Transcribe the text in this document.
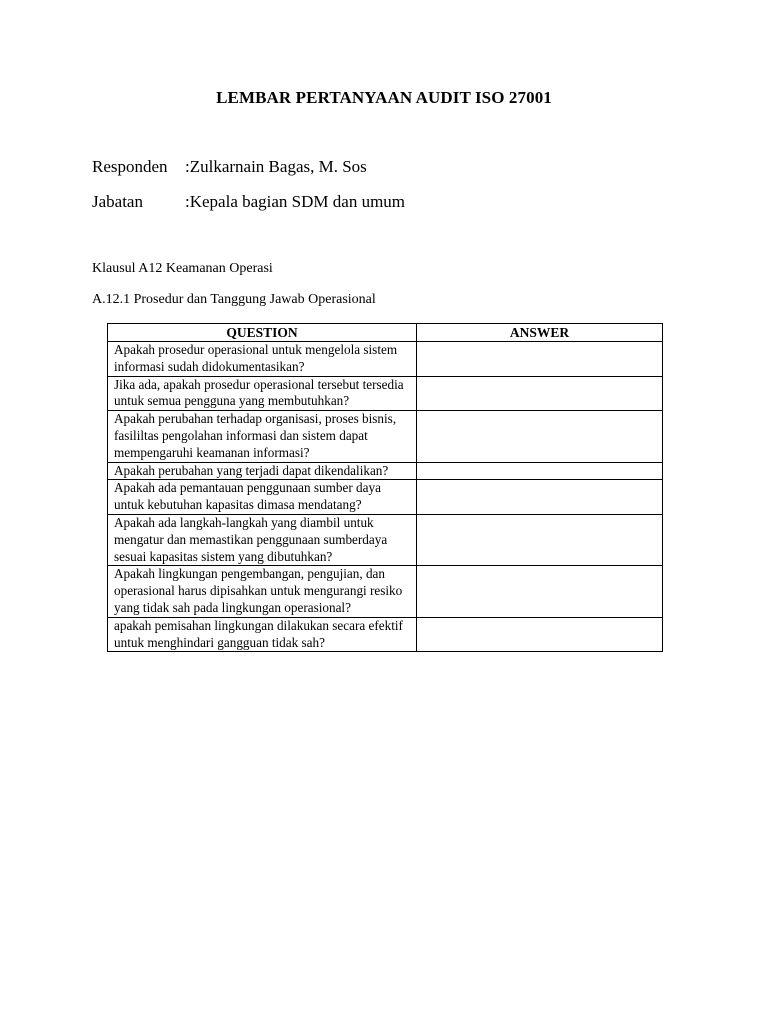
LEMBAR PERTANYAAN AUDIT ISO 27001
Responden :Zulkarnain Bagas, M. Sos
Jabatan :Kepala bagian SDM dan umum
Klausul A12 Keamanan Operasi
A.12.1 Prosedur dan Tanggung Jawab Operasional
QUESTION	ANSWER
Apakah prosedur operasional untuk mengelola sistem informasi sudah didokumentasikan?	
Jika ada, apakah prosedur operasional tersebut tersedia untuk semua pengguna yang membutuhkan?	
Apakah perubahan terhadap organisasi, proses bisnis, fasililtas pengolahan informasi dan sistem dapat mempengaruhi keamanan informasi?	
Apakah perubahan yang terjadi dapat dikendalikan?	
Apakah ada pemantauan penggunaan sumber daya untuk kebutuhan kapasitas dimasa mendatang?	
Apakah ada langkah-langkah yang diambil untuk mengatur dan memastikan penggunaan sumberdaya sesuai kapasitas sistem yang dibutuhkan?	
Apakah lingkungan pengembangan, pengujian, dan operasional harus dipisahkan untuk mengurangi resiko yang tidak sah pada lingkungan operasional?	
apakah pemisahan lingkungan dilakukan secara efektif untuk menghindari gangguan tidak sah?	
